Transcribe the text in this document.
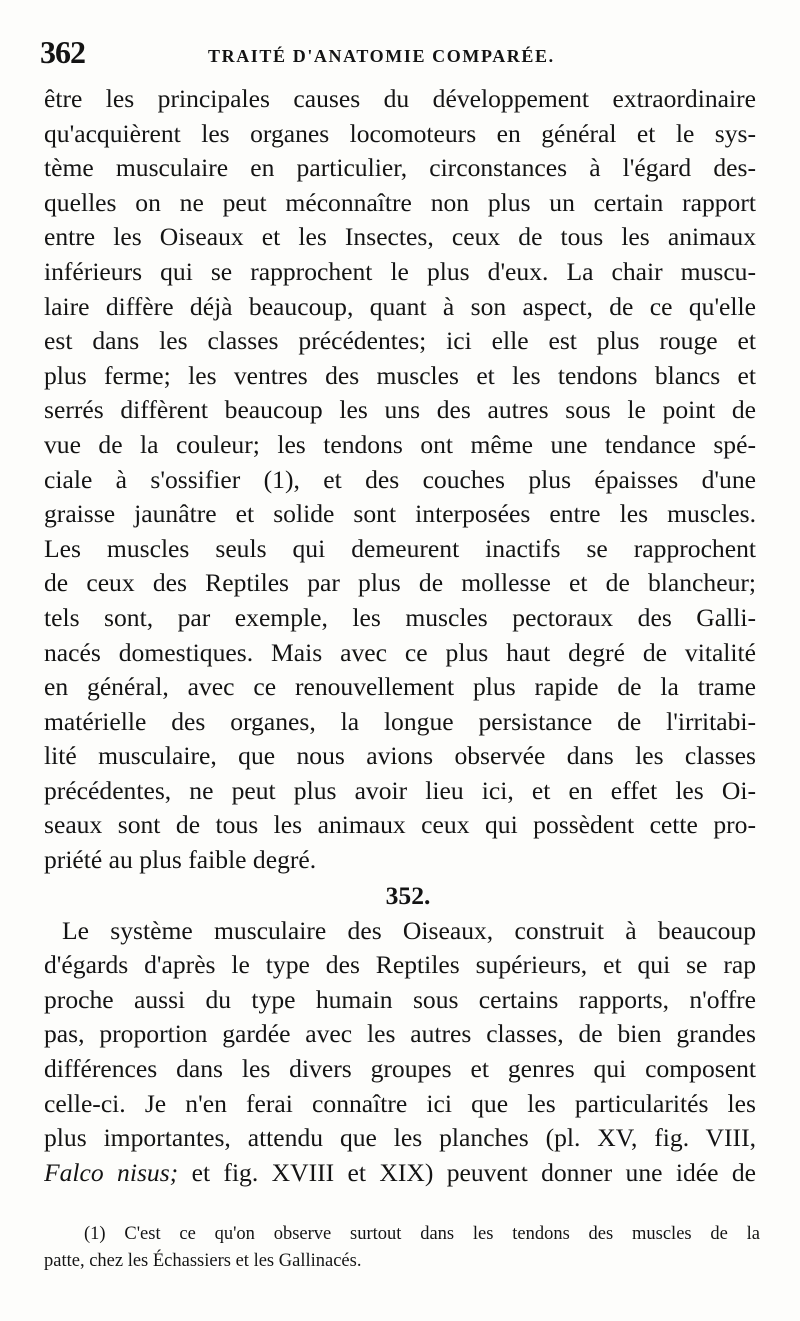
362	TRAITÉ D'ANATOMIE COMPARÉE.
être les principales causes du développement extraordinaire
qu'acquièrent les organes locomoteurs en général et le sys-
tème musculaire en particulier, circonstances à l'égard des-
quelles on ne peut méconnaître non plus un certain rapport
entre les Oiseaux et les Insectes, ceux de tous les animaux
inférieurs qui se rapprochent le plus d'eux. La chair muscu-
laire diffère déjà beaucoup, quant à son aspect, de ce qu'elle
est dans les classes précédentes; ici elle est plus rouge et
plus ferme; les ventres des muscles et les tendons blancs et
serrés diffèrent beaucoup les uns des autres sous le point de
vue de la couleur; les tendons ont même une tendance spé-
ciale à s'ossifier (1), et des couches plus épaisses d'une
graisse jaunâtre et solide sont interposées entre les muscles.
Les muscles seuls qui demeurent inactifs se rapprochent
de ceux des Reptiles par plus de mollesse et de blancheur;
tels sont, par exemple, les muscles pectoraux des Galli-
nacés domestiques. Mais avec ce plus haut degré de vitalité
en général, avec ce renouvellement plus rapide de la trame
matérielle des organes, la longue persistance de l'irritabi-
lité musculaire, que nous avions observée dans les classes
précédentes, ne peut plus avoir lieu ici, et en effet les Oi-
seaux sont de tous les animaux ceux qui possèdent cette pro-
priété au plus faible degré.
352.
Le système musculaire des Oiseaux, construit à beaucoup
d'égards d'après le type des Reptiles supérieurs, et qui se rap
proche aussi du type humain sous certains rapports, n'offre
pas, proportion gardée avec les autres classes, de bien grandes
différences dans les divers groupes et genres qui composent
celle-ci. Je n'en ferai connaître ici que les particularités les
plus importantes, attendu que les planches (pl. XV, fig. VIII,
Falco nisus; et fig. XVIII et XIX) peuvent donner une idée de
(1) C'est ce qu'on observe surtout dans les tendons des muscles de la
patte, chez les Échassiers et les Gallinacés.
